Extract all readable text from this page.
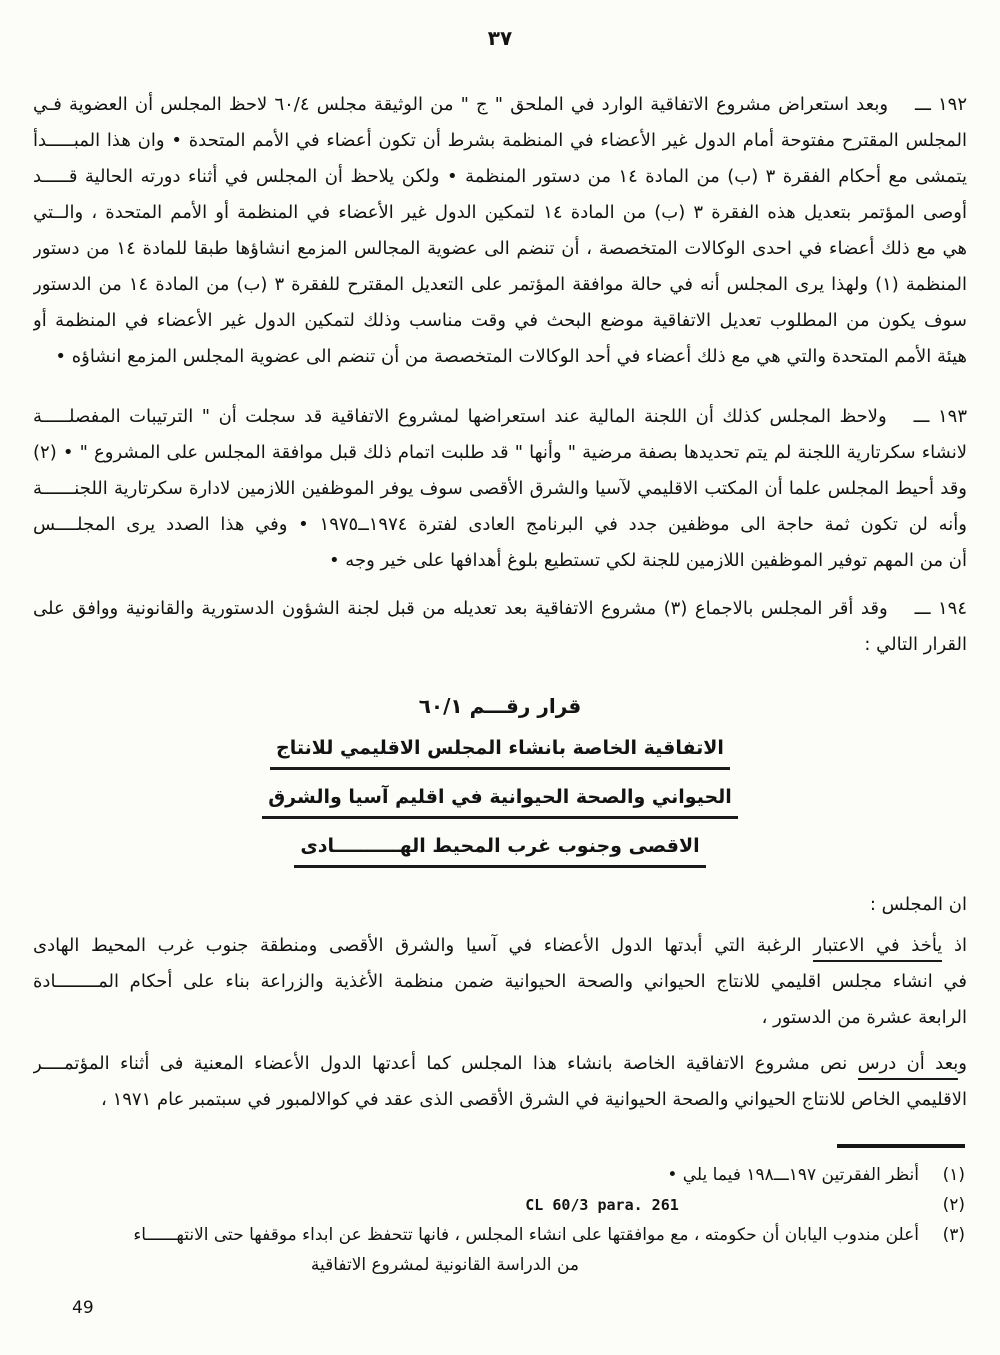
٣٧
١٩٢ ـــ  وبعد استعراض مشروع الاتفاقية الوارد في الملحق " ج " من الوثيقة مجلس ٦٠/٤ لاحظ المجلس أن العضوية فـي
المجلس المقترح مفتوحة أمام الدول غير الأعضاء في المنظمة بشرط أن تكون أعضاء في الأمم المتحدة • وان هذا المبـــــدأ
يتمشى مع أحكام الفقرة ٣ (ب) من المادة ١٤ من دستور المنظمة • ولكن يلاحظ أن المجلس في أثناء دورته الحالية قـــــد
أوصى المؤتمر بتعديل هذه الفقرة ٣ (ب) من المادة ١٤ لتمكين الدول غير الأعضاء في المنظمة أو الأمم المتحدة ، والــتي
هي مع ذلك أعضاء في احدى الوكالات المتخصصة ، أن تنضم الى عضوية المجالس المزمع انشاؤها طبقا للمادة ١٤ من دستور
المنظمة (١) ولهذا يرى المجلس أنه في حالة موافقة المؤتمر على التعديل المقترح للفقرة ٣ (ب) من المادة ١٤ من الدستور
سوف يكون من المطلوب تعديل الاتفاقية موضع البحث في وقت مناسب وذلك لتمكين الدول غير الأعضاء في المنظمة أو
هيئة الأمم المتحدة والتي هي مع ذلك أعضاء في أحد الوكالات المتخصصة من أن تنضم الى عضوية المجلس المزمع انشاؤه •
١٩٣ ـــ  ولاحظ المجلس كذلك أن اللجنة المالية عند استعراضها لمشروع الاتفاقية قد سجلت أن " الترتيبات المفصلـــــة
لانشاء سكرتارية اللجنة لم يتم تحديدها بصفة مرضية " وأنها " قد طلبت اتمام ذلك قبل موافقة المجلس على المشروع " • (٢)
وقد أحيط المجلس علما أن المكتب الاقليمي لآسيا والشرق الأقصى سوف يوفر الموظفين اللازمين لادارة سكرتارية اللجنــــــة
وأنه لن تكون ثمة حاجة الى موظفين جدد في البرنامج العادى لفترة ١٩٧٤ــ١٩٧٥ • وفي هذا الصدد يرى المجلــــس
أن من المهم توفير الموظفين اللازمين للجنة لكي تستطيع بلوغ أهدافها على خير وجه •
١٩٤ ـــ  وقد أقر المجلس بالاجماع (٣) مشروع الاتفاقية بعد تعديله من قبل لجنة الشؤون الدستورية والقانونية ووافق على
القرار التالي :
قرار رقـــم ٦٠/١
الاتفاقية الخاصة بانشاء المجلس الاقليمي للانتاج
الحيواني والصحة الحيوانية في اقليم آسيا والشرق
الاقصى وجنوب غرب المحيط الهــــــــــادى
ان المجلس :
اذ يأخذ في الاعتبار الرغبة التي أبدتها الدول الأعضاء في آسيا والشرق الأقصى ومنطقة جنوب غرب المحيط الهادى
في انشاء مجلس اقليمي للانتاج الحيواني والصحة الحيوانية ضمن منظمة الأغذية والزراعة بناء على أحكام المــــــــادة
الرابعة عشرة من الدستور ،
وبعد أن درس نص مشروع الاتفاقية الخاصة بانشاء هذا المجلس كما أعدتها الدول الأعضاء المعنية فى أثناء المؤتمــــر
الاقليمي الخاص للانتاج الحيواني والصحة الحيوانية في الشرق الأقصى الذى عقد في كوالالمبور في سبتمبر عام ١٩٧١ ،
(١)
أنظر الفقرتين ١٩٧ـــ١٩٨ فيما يلي •
(٢)
CL 60/3 para. 261
(٣)
أعلن مندوب اليابان أن حكومته ، مع موافقتها على انشاء المجلس ، فانها تتحفظ عن ابداء موقفها حتى الانتهــــــاء
من الدراسة القانونية لمشروع الاتفاقية
49
